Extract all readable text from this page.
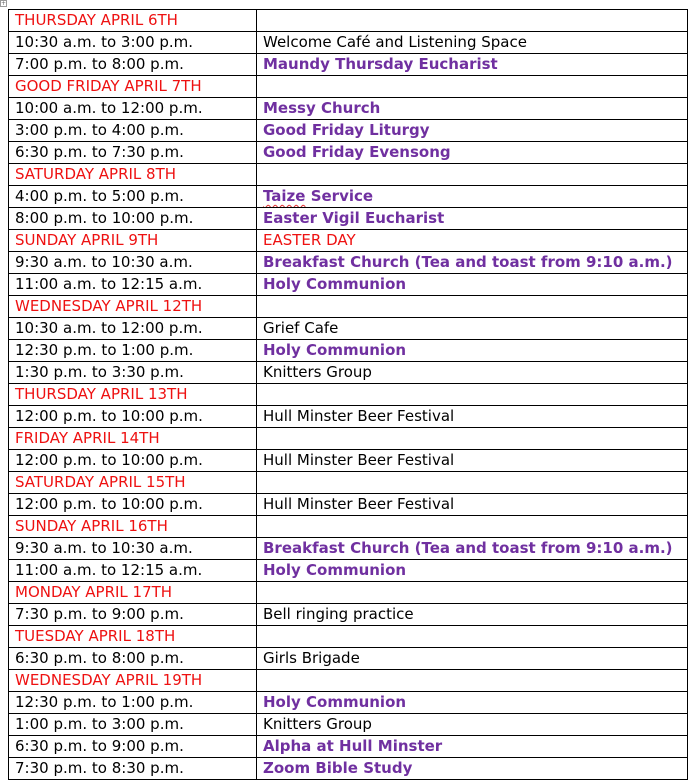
+
THURSDAY APRIL 6TH	
10:30 a.m. to 3:00 p.m.	Welcome Café and Listening Space
7:00 p.m. to 8:00 p.m.	Maundy Thursday Eucharist
GOOD FRIDAY APRIL 7TH	
10:00 a.m. to 12:00 p.m.	Messy Church
3:00 p.m. to 4:00 p.m.	Good Friday Liturgy
6:30 p.m. to 7:30 p.m.	Good Friday Evensong
SATURDAY APRIL 8TH	
4:00 p.m. to 5:00 p.m.	Taize Service
8:00 p.m. to 10:00 p.m.	Easter Vigil Eucharist
SUNDAY APRIL 9TH	EASTER DAY
9:30 a.m. to 10:30 a.m.	Breakfast Church (Tea and toast from 9:10 a.m.)
11:00 a.m. to 12:15 a.m.	Holy Communion
WEDNESDAY APRIL 12TH	
10:30 a.m. to 12:00 p.m.	Grief Cafe
12:30 p.m. to 1:00 p.m.	Holy Communion
1:30 p.m. to 3:30 p.m.	Knitters Group
THURSDAY APRIL 13TH	
12:00 p.m. to 10:00 p.m.	Hull Minster Beer Festival
FRIDAY APRIL 14TH	
12:00 p.m. to 10:00 p.m.	Hull Minster Beer Festival
SATURDAY APRIL 15TH	
12:00 p.m. to 10:00 p.m.	Hull Minster Beer Festival
SUNDAY APRIL 16TH	
9:30 a.m. to 10:30 a.m.	Breakfast Church (Tea and toast from 9:10 a.m.)
11:00 a.m. to 12:15 a.m.	Holy Communion
MONDAY APRIL 17TH	
7:30 p.m. to 9:00 p.m.	Bell ringing practice
TUESDAY APRIL 18TH	
6:30 p.m. to 8:00 p.m.	Girls Brigade
WEDNESDAY APRIL 19TH	
12:30 p.m. to 1:00 p.m.	Holy Communion
1:00 p.m. to 3:00 p.m.	Knitters Group
6:30 p.m. to 9:00 p.m.	Alpha at Hull Minster
7:30 p.m. to 8:30 p.m.	Zoom Bible Study
